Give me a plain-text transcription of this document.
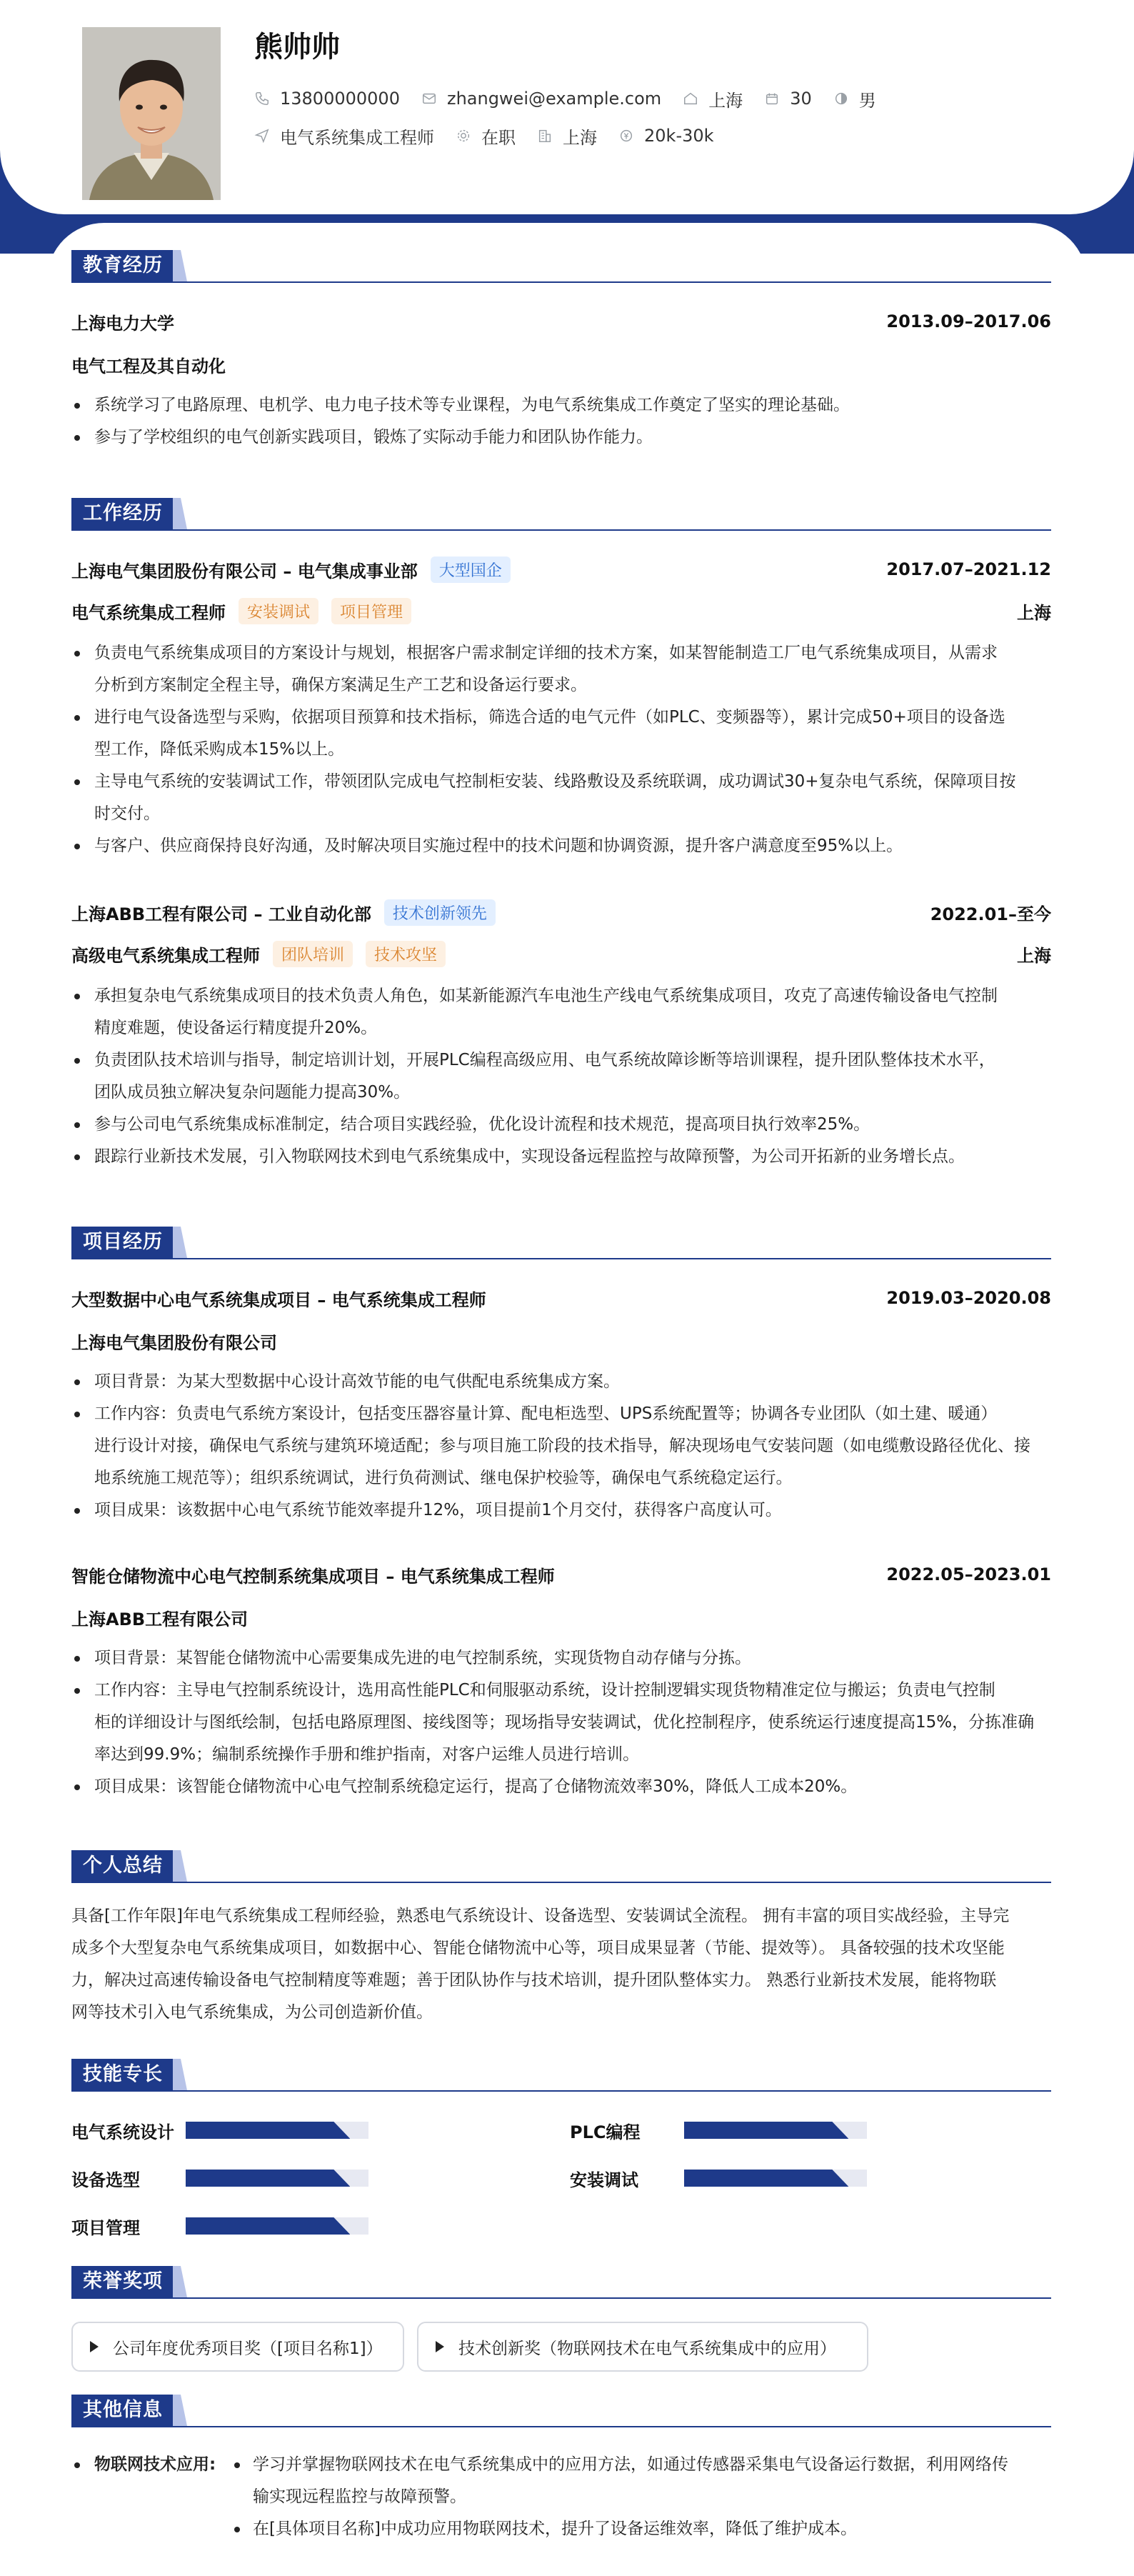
熊帅帅
13800000000	zhangwei@example.com	上海	30	男
电气系统集成工程师	在职	上海	20k-30k
教育经历
上海电力大学	2013.09–2017.06
电气工程及其自动化
系统学习了电路原理、电机学、电力电子技术等专业课程，为电气系统集成工作奠定了坚实的理论基础。
参与了学校组织的电气创新实践项目，锻炼了实际动手能力和团队协作能力。
工作经历
上海电气集团股份有限公司 – 电气集成事业部	大型国企	2017.07–2021.12
电气系统集成工程师	安装调试	项目管理	上海
负责电气系统集成项目的方案设计与规划，根据客户需求制定详细的技术方案，如某智能制造工厂电气系统集成项目，从需求
分析到方案制定全程主导，确保方案满足生产工艺和设备运行要求。
进行电气设备选型与采购，依据项目预算和技术指标，筛选合适的电气元件（如PLC、变频器等），累计完成50+项目的设备选
型工作，降低采购成本15%以上。
主导电气系统的安装调试工作，带领团队完成电气控制柜安装、线路敷设及系统联调，成功调试30+复杂电气系统，保障项目按
时交付。
与客户、供应商保持良好沟通，及时解决项目实施过程中的技术问题和协调资源，提升客户满意度至95%以上。
上海ABB工程有限公司 – 工业自动化部	技术创新领先	2022.01–至今
高级电气系统集成工程师	团队培训	技术攻坚	上海
承担复杂电气系统集成项目的技术负责人角色，如某新能源汽车电池生产线电气系统集成项目，攻克了高速传输设备电气控制
精度难题，使设备运行精度提升20%。
负责团队技术培训与指导，制定培训计划，开展PLC编程高级应用、电气系统故障诊断等培训课程，提升团队整体技术水平，
团队成员独立解决复杂问题能力提高30%。
参与公司电气系统集成标准制定，结合项目实践经验，优化设计流程和技术规范，提高项目执行效率25%。
跟踪行业新技术发展，引入物联网技术到电气系统集成中，实现设备远程监控与故障预警，为公司开拓新的业务增长点。
项目经历
大型数据中心电气系统集成项目 – 电气系统集成工程师	2019.03–2020.08
上海电气集团股份有限公司
项目背景：为某大型数据中心设计高效节能的电气供配电系统集成方案。
工作内容：负责电气系统方案设计，包括变压器容量计算、配电柜选型、UPS系统配置等；协调各专业团队（如土建、暖通）
进行设计对接，确保电气系统与建筑环境适配；参与项目施工阶段的技术指导，解决现场电气安装问题（如电缆敷设路径优化、接
地系统施工规范等）；组织系统调试，进行负荷测试、继电保护校验等，确保电气系统稳定运行。
项目成果：该数据中心电气系统节能效率提升12%，项目提前1个月交付，获得客户高度认可。
智能仓储物流中心电气控制系统集成项目 – 电气系统集成工程师	2022.05–2023.01
上海ABB工程有限公司
项目背景：某智能仓储物流中心需要集成先进的电气控制系统，实现货物自动存储与分拣。
工作内容：主导电气控制系统设计，选用高性能PLC和伺服驱动系统，设计控制逻辑实现货物精准定位与搬运；负责电气控制
柜的详细设计与图纸绘制，包括电路原理图、接线图等；现场指导安装调试，优化控制程序，使系统运行速度提高15%，分拣准确
率达到99.9%；编制系统操作手册和维护指南，对客户运维人员进行培训。
项目成果：该智能仓储物流中心电气控制系统稳定运行，提高了仓储物流效率30%，降低人工成本20%。
个人总结
具备[工作年限]年电气系统集成工程师经验，熟悉电气系统设计、设备选型、安装调试全流程。 拥有丰富的项目实战经验，主导完
成多个大型复杂电气系统集成项目，如数据中心、智能仓储物流中心等，项目成果显著（节能、提效等）。 具备较强的技术攻坚能
力，解决过高速传输设备电气控制精度等难题；善于团队协作与技术培训，提升团队整体实力。 熟悉行业新技术发展，能将物联
网等技术引入电气系统集成，为公司创造新价值。
技能专长
电气系统设计	PLC编程
设备选型	安装调试
项目管理
荣誉奖项
公司年度优秀项目奖（[项目名称1]）	技术创新奖（物联网技术在电气系统集成中的应用）
其他信息
物联网技术应用:	学习并掌握物联网技术在电气系统集成中的应用方法，如通过传感器采集电气设备运行数据，利用网络传
输实现远程监控与故障预警。
在[具体项目名称]中成功应用物联网技术，提升了设备运维效率，降低了维护成本。
